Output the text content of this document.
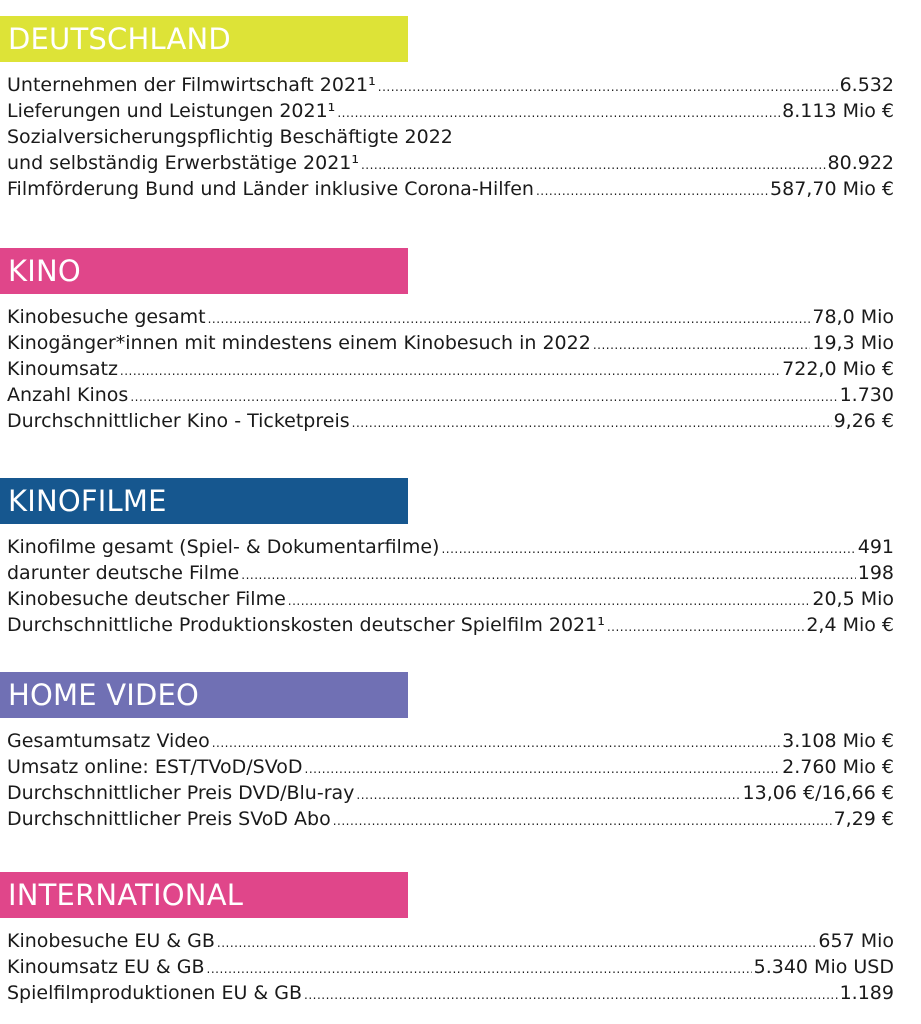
DEUTSCHLAND
Unternehmen der Filmwirtschaft 2021¹ .....	6.532
Lieferungen und Leistungen 2021¹ .....	8.113 Mio €
Sozialversicherungspflichtig Beschäftigte 2022
und selbständig Erwerbstätige 2021¹ .....	80.922
Filmförderung Bund und Länder inklusive Corona-Hilfen .....	587,70 Mio €
KINO
Kinobesuche gesamt .....	78,0 Mio
Kinogänger*innen mit mindestens einem Kinobesuch in 2022 .....	19,3 Mio
Kinoumsatz .....	722,0 Mio €
Anzahl Kinos .....	1.730
Durchschnittlicher Kino - Ticketpreis .....	9,26 €
KINOFILME
Kinofilme gesamt (Spiel- & Dokumentarfilme) .....	491
darunter deutsche Filme .....	198
Kinobesuche deutscher Filme .....	20,5 Mio
Durchschnittliche Produktionskosten deutscher Spielfilm 2021¹ .....	2,4 Mio €
HOME VIDEO
Gesamtumsatz Video .....	3.108 Mio €
Umsatz online: EST/TVoD/SVoD .....	2.760 Mio €
Durchschnittlicher Preis DVD/Blu-ray .....	13,06 €/16,66 €
Durchschnittlicher Preis SVoD Abo .....	7,29 €
INTERNATIONAL
Kinobesuche EU & GB .....	657 Mio
Kinoumsatz EU & GB .....	5.340 Mio USD
Spielfilmproduktionen EU & GB .....	1.189
